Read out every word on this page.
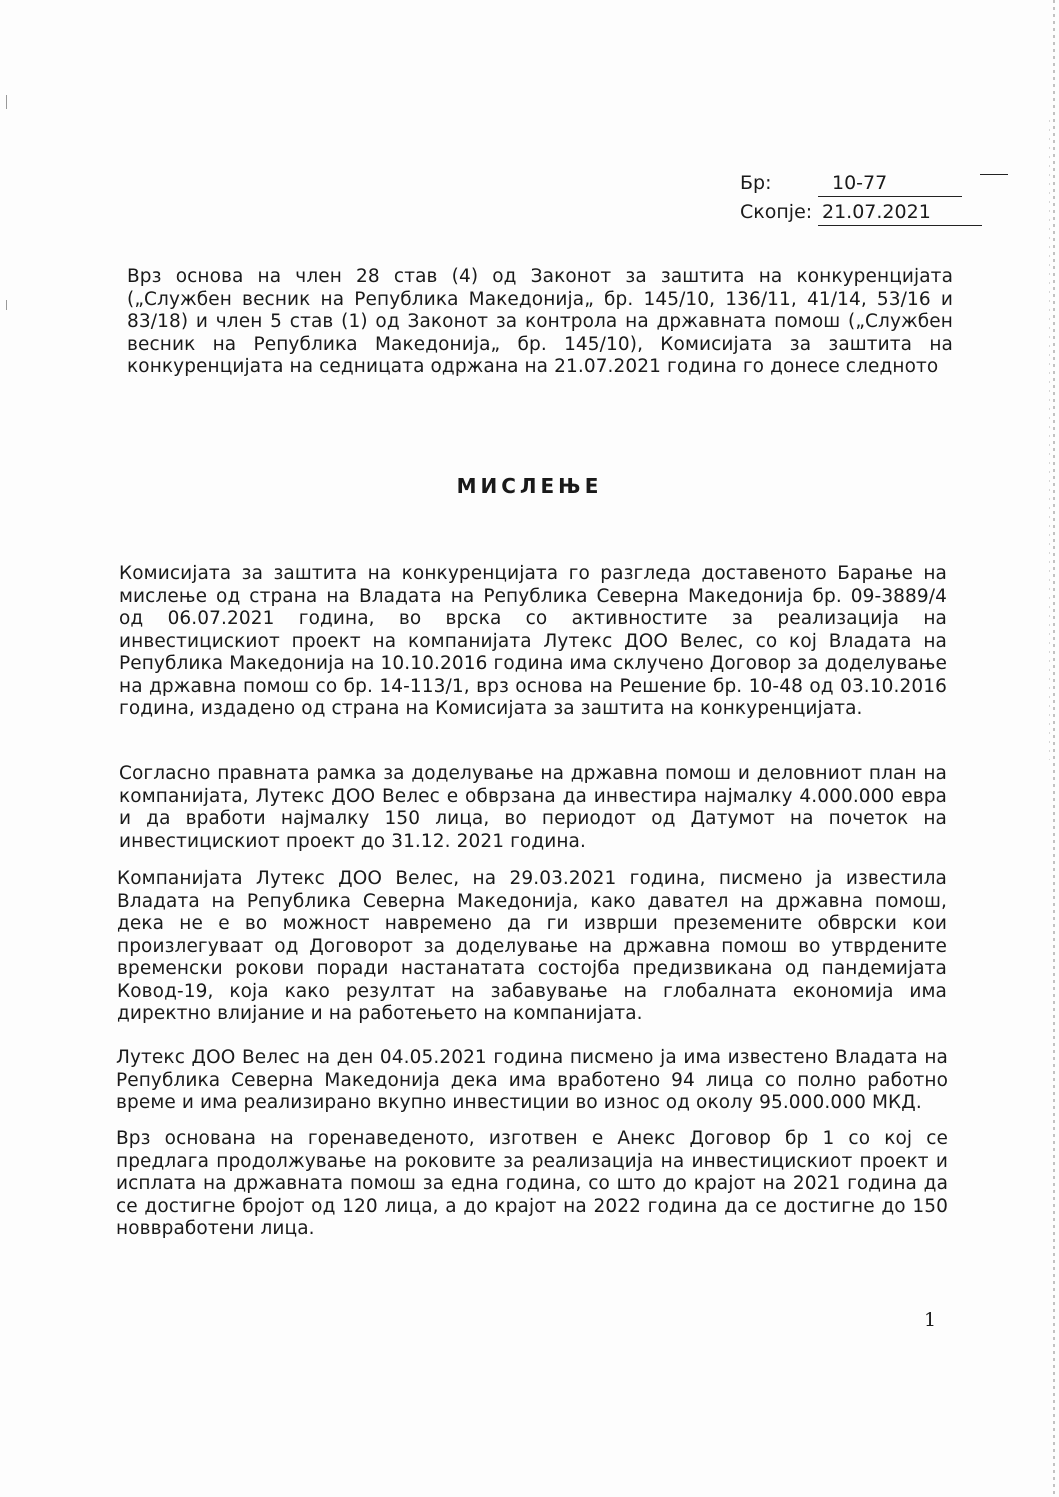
Бр:	10-77
Скопје: 21.07.2021
Врз основа на член 28 став (4) од Законот за заштита на конкуренцијата („Службен весник на Република Македонија„ бр. 145/10, 136/11, 41/14, 53/16 и 83/18) и член 5 став (1) од Законот за контрола на државната помош („Службен весник на Република Македонија„ бр. 145/10), Комисијата за заштита на конкуренцијата на седницата одржана на 21.07.2021 година го донесе следното
МИСЛЕЊЕ
Комисијата за заштита на конкуренцијата го разгледа доставеното Барање на мислење од страна на Владата на Република Северна Македонија бр. 09-3889/4 од 06.07.2021 година, во врска со активностите за реализација на инвестицискиот проект на компанијата Лутекс ДОО Велес, со кој Владата на Република Македонија на 10.10.2016 година има склучено Договор за доделување на државна помош со бр. 14-113/1, врз основа на Решение бр. 10-48 од 03.10.2016 година, издадено од страна на Комисијата за заштита на конкуренцијата.
Согласно правната рамка за доделување на државна помош и деловниот план на компанијата, Лутекс ДОО Велес е обврзана да инвестира најмалку 4.000.000 евра и да вработи најмалку 150 лица, во периодот од Датумот на почеток на инвестицискиот проект до 31.12. 2021 година.
Компанијата Лутекс ДОО Велес, на 29.03.2021 година, писмено ја известила Владата на Република Северна Македонија, како давател на државна помош, дека не е во можност навремено да ги изврши преземените обврски кои произлегуваат од Договорот за доделување на државна помош во утврдените временски рокови поради настанатата состојба предизвикана од пандемијата Ковод-19, која како резултат на забавување на глобалната економија има директно влијание и на работењето на компанијата.
Лутекс ДОО Велес на ден 04.05.2021 година писмено ја има известено Владата на Република Северна Македонија дека има вработено 94 лица со полно работно време и има реализирано вкупно инвестиции во износ од околу 95.000.000 МКД.
Врз основана на горенаведеното, изготвен е Анекс Договор бр 1 со кој се предлага продолжување на роковите за реализација на инвестицискиот проект и исплата на државната помош за една година, со што до крајот на 2021 година да се достигне бројот од 120 лица, а до крајот на 2022 година да се достигне до 150 новвработени лица.
1
